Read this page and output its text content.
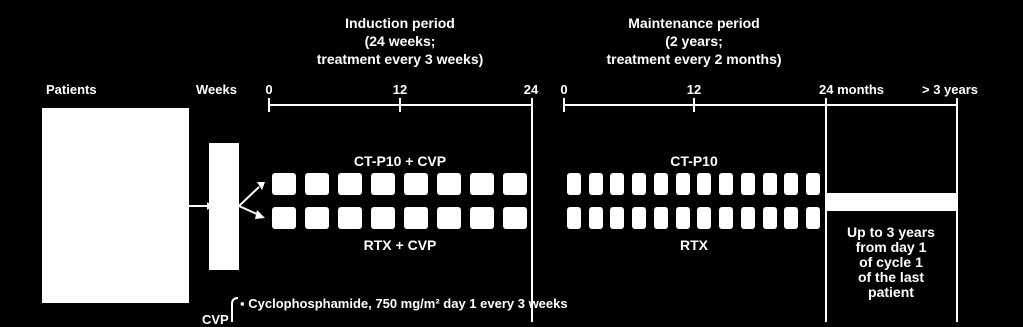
Induction period
(24 weeks;
treatment every 3 weeks)
Maintenance period
(2 years;
treatment every 2 months)
Patients	Weeks 0	12	24 0	12	24 months	> 3 years
CT-P10 + CVP
RTX + CVP
CT-P10
RTX
Up to 3 years
from day 1
of cycle 1
of the last
patient
CVP
▪ Cyclophosphamide, 750 mg/m² day 1 every 3 weeks
